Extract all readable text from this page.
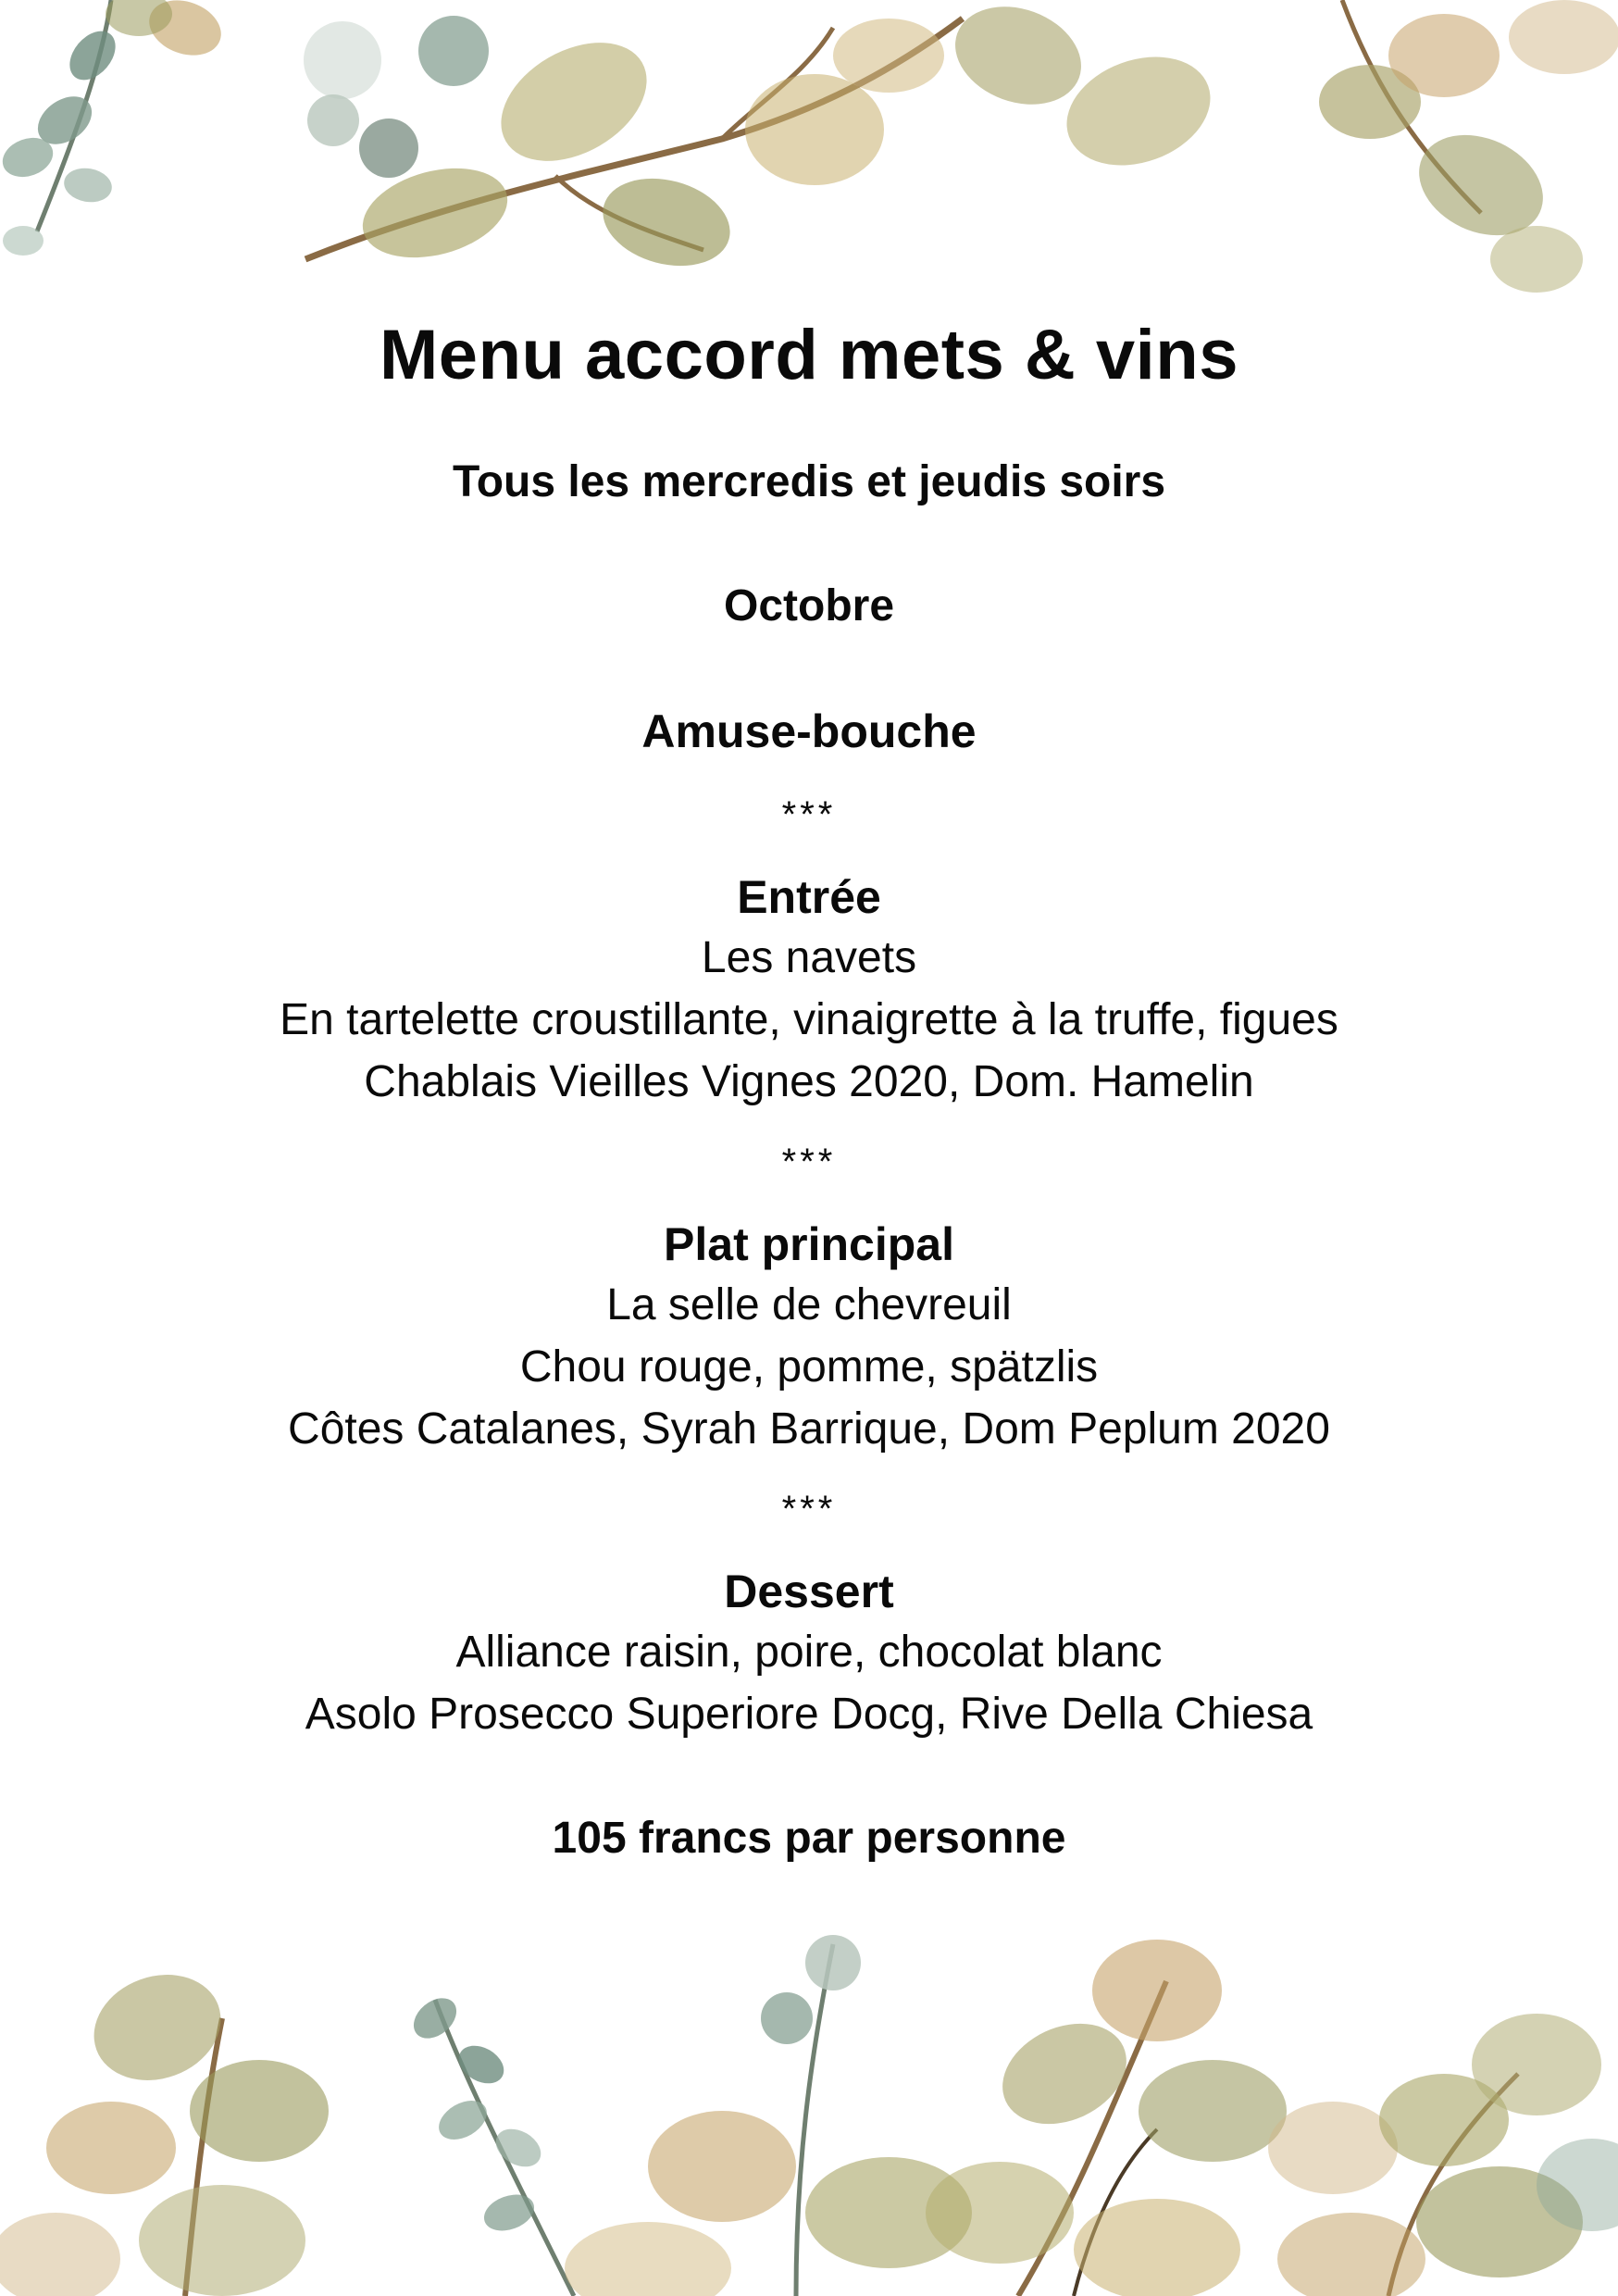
Menu accord mets & vins
Tous les mercredis et jeudis soirs
Octobre
Amuse-bouche
***
Entrée
Les navets
En tartelette croustillante, vinaigrette à la truffe, figues
Chablais Vieilles Vignes 2020, Dom. Hamelin
***
Plat principal
La selle de chevreuil
Chou rouge, pomme, spätzlis
Côtes Catalanes, Syrah Barrique, Dom Peplum 2020
***
Dessert
Alliance raisin, poire, chocolat blanc
Asolo Prosecco Superiore Docg, Rive Della Chiesa
105 francs par personne
